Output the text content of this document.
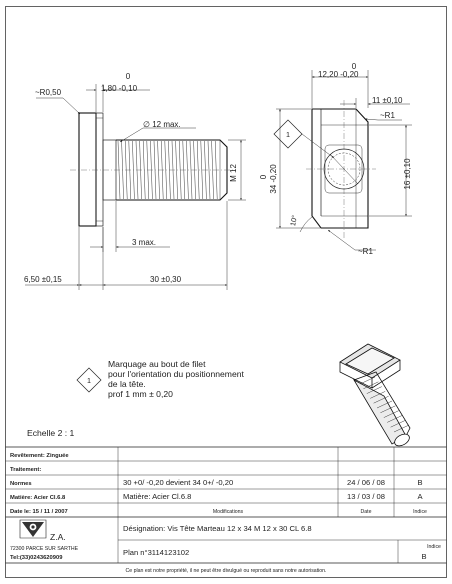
0
1,80 -0,10
~R0,50
∅ 12 max.
M 12
3 max.
6,50 ±0,15	30 ±0,30
0
12,20 -0,20
11 ±0,10
~R1
16 ±0,10
0 34 -0,20
10°
~R1
1
1
Marquage au bout de filet
pour l'orientation du positionnement
de la tête.
prof 1 mm ± 0,20
Echelle 2 : 1
Revêtement: Zinguée
Traitement:
Normes
Matière: Acier Cl.6.8
Date le: 15 / 11 / 2007
30 +0/ -0,20 devient 34 0+/ -0,20
Matière: Acier Cl.6.8
Modifications
24 / 06 / 08
13 / 03 / 08
Date
B
A
Indice
Z.A.
72300 PARCE SUR SARTHE
Tel:(33)0243620909
Désignation: Vis Tête Marteau 12 x 34 M 12 x 30 CL 6.8
Plan n°3114123102
Indice
B
Ce plan est notre propriété, il ne peut être divulgué ou reproduit sans notre autorisation.
